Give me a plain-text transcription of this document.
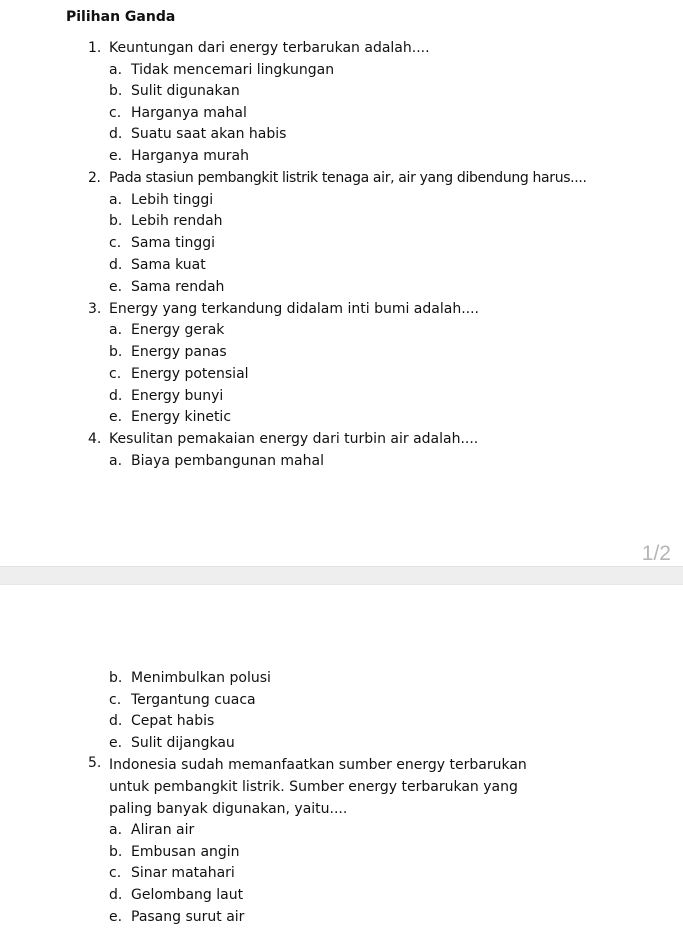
Pilihan Ganda
1. Keuntungan dari energy terbarukan adalah....
a. Tidak mencemari lingkungan
b. Sulit digunakan
c. Harganya mahal
d. Suatu saat akan habis
e. Harganya murah
2. Pada stasiun pembangkit listrik tenaga air, air yang dibendung harus....
a. Lebih tinggi
b. Lebih rendah
c. Sama tinggi
d. Sama kuat
e. Sama rendah
3. Energy yang terkandung didalam inti bumi adalah....
a. Energy gerak
b. Energy panas
c. Energy potensial
d. Energy bunyi
e. Energy kinetic
4. Kesulitan pemakaian energy dari turbin air adalah....
a. Biaya pembangunan mahal
1/2
b. Menimbulkan polusi
c. Tergantung cuaca
d. Cepat habis
e. Sulit dijangkau
5. Indonesia sudah memanfaatkan sumber energy terbarukan untuk pembangkit listrik. Sumber energy terbarukan yang paling banyak digunakan, yaitu....
a. Aliran air
b. Embusan angin
c. Sinar matahari
d. Gelombang laut
e. Pasang surut air
